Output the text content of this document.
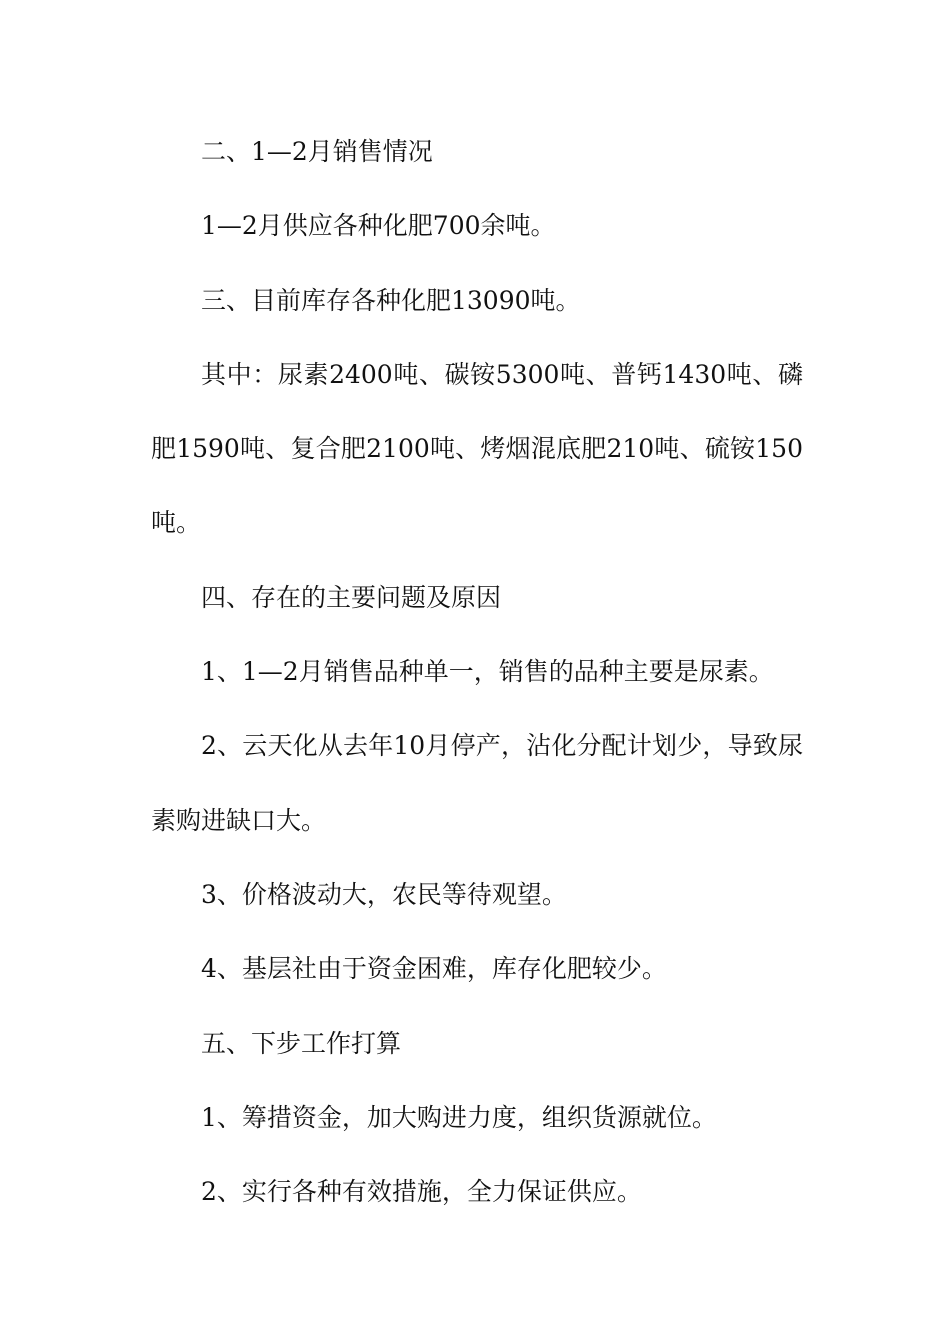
二、1—2月销售情况

1—2月供应各种化肥700余吨。

三、目前库存各种化肥13090吨。

其中：尿素2400吨、碳铵5300吨、普钙1430吨、磷肥1590吨、复合肥2100吨、烤烟混底肥210吨、硫铵150吨。

四、存在的主要问题及原因

1、1—2月销售品种单一，销售的品种主要是尿素。

2、云天化从去年10月停产，沾化分配计划少，导致尿素购进缺口大。

3、价格波动大，农民等待观望。

4、基层社由于资金困难，库存化肥较少。

五、下步工作打算

1、筹措资金，加大购进力度，组织货源就位。

2、实行各种有效措施，全力保证供应。
